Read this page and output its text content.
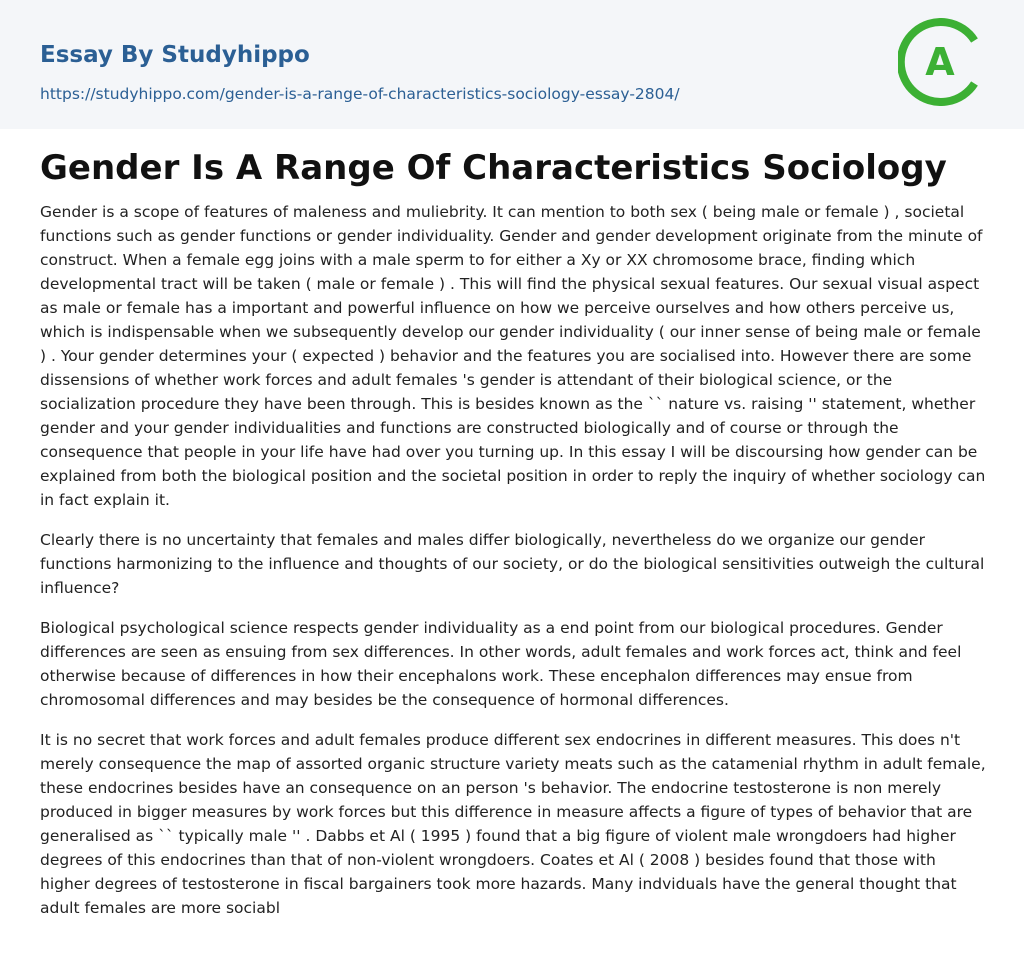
Essay By Studyhippo
https://studyhippo.com/gender-is-a-range-of-characteristics-sociology-essay-2804/
A
Gender Is A Range Of Characteristics Sociology

Gender is a scope of features of maleness and muliebrity. It can mention to both sex ( being male or female ) , societal functions such as gender functions or gender individuality. Gender and gender development originate from the minute of construct. When a female egg joins with a male sperm to for either a Xy or XX chromosome brace, finding which developmental tract will be taken ( male or female ) . This will find the physical sexual features. Our sexual visual aspect as male or female has a important and powerful influence on how we perceive ourselves and how others perceive us, which is indispensable when we subsequently develop our gender individuality ( our inner sense of being male or female ) . Your gender determines your ( expected ) behavior and the features you are socialised into. However there are some dissensions of whether work forces and adult females 's gender is attendant of their biological science, or the socialization procedure they have been through. This is besides known as the `` nature vs. raising '' statement, whether gender and your gender individualities and functions are constructed biologically and of course or through the consequence that people in your life have had over you turning up. In this essay I will be discoursing how gender can be explained from both the biological position and the societal position in order to reply the inquiry of whether sociology can in fact explain it.

Clearly there is no uncertainty that females and males differ biologically, nevertheless do we organize our gender functions harmonizing to the influence and thoughts of our society, or do the biological sensitivities outweigh the cultural influence?

Biological psychological science respects gender individuality as a end point from our biological procedures. Gender differences are seen as ensuing from sex differences. In other words, adult females and work forces act, think and feel otherwise because of differences in how their encephalons work. These encephalon differences may ensue from chromosomal differences and may besides be the consequence of hormonal differences.

It is no secret that work forces and adult females produce different sex endocrines in different measures. This does n't merely consequence the map of assorted organic structure variety meats such as the catamenial rhythm in adult female, these endocrines besides have an consequence on an person 's behavior. The endocrine testosterone is non merely produced in bigger measures by work forces but this difference in measure affects a figure of types of behavior that are generalised as `` typically male '' . Dabbs et Al ( 1995 ) found that a big figure of violent male wrongdoers had higher degrees of this endocrines than that of non-violent wrongdoers. Coates et Al ( 2008 ) besides found that those with higher degrees of testosterone in fiscal bargainers took more hazards. Many indviduals have the general thought that adult females are more sociabl
